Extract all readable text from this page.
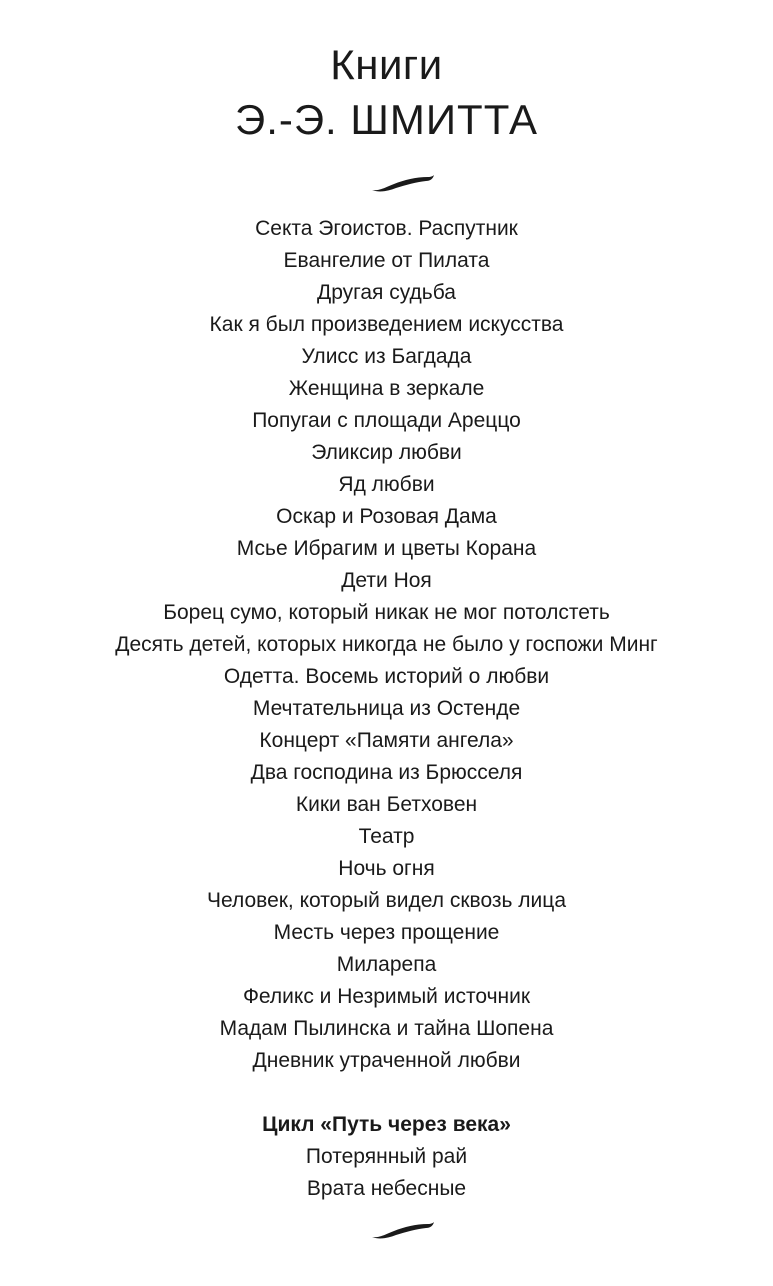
Книги
Э.-Э. ШМИТТА
Секта Эгоистов. Распутник
Евангелие от Пилата
Другая судьба
Как я был произведением искусства
Улисс из Багдада
Женщина в зеркале
Попугаи с площади Ареццо
Эликсир любви
Яд любви
Оскар и Розовая Дама
Мсье Ибрагим и цветы Корана
Дети Ноя
Борец сумо, который никак не мог потолстеть
Десять детей, которых никогда не было у госпожи Минг
Одетта. Восемь историй о любви
Мечтательница из Остенде
Концерт «Памяти ангела»
Два господина из Брюсселя
Кики ван Бетховен
Театр
Ночь огня
Человек, который видел сквозь лица
Месть через прощение
Миларепа
Феликс и Незримый источник
Мадам Пылинска и тайна Шопена
Дневник утраченной любви
Цикл «Путь через века»
Потерянный рай
Врата небесные
